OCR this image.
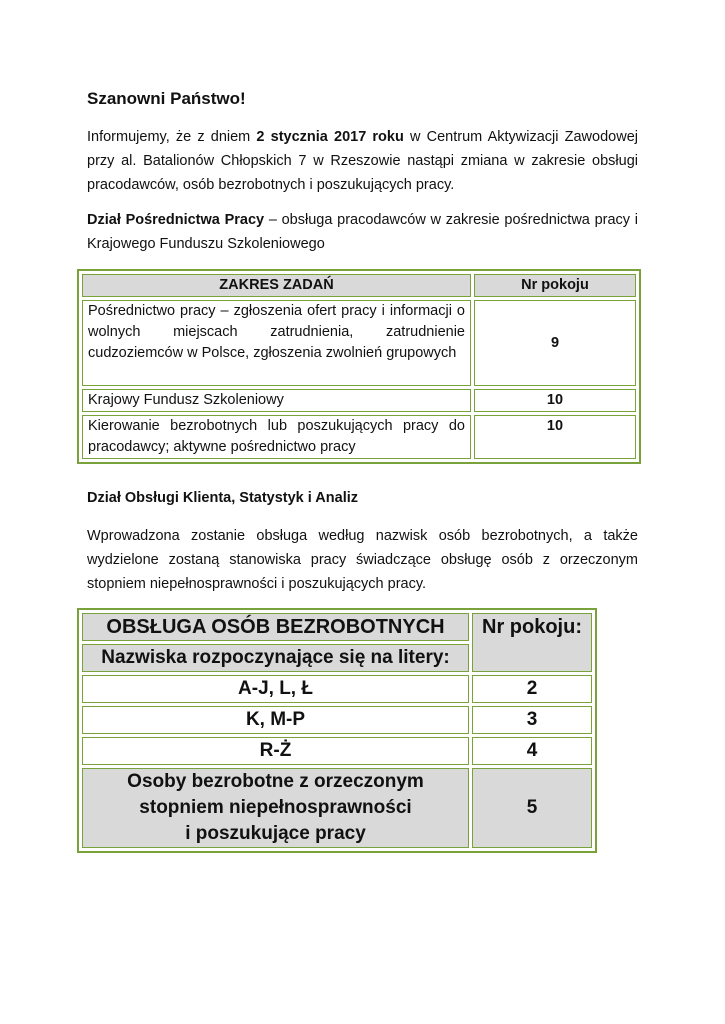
Szanowni Państwo!
Informujemy, że z dniem 2 stycznia 2017 roku w Centrum Aktywizacji Zawodowej przy al. Batalionów Chłopskich 7 w Rzeszowie nastąpi zmiana w zakresie obsługi pracodawców, osób bezrobotnych i poszukujących pracy.
Dział Pośrednictwa Pracy – obsługa pracodawców w zakresie pośrednictwa pracy i Krajowego Funduszu Szkoleniowego
ZAKRES ZADAŃ	Nr pokoju
Pośrednictwo pracy – zgłoszenia ofert pracy i informacji o wolnych miejscach zatrudnienia, zatrudnienie cudzoziemców w Polsce, zgłoszenia zwolnień grupowych	9
Krajowy Fundusz Szkoleniowy	10
Kierowanie bezrobotnych lub poszukujących pracy do pracodawcy; aktywne pośrednictwo pracy	10
Dział Obsługi Klienta, Statystyk i Analiz
Wprowadzona zostanie obsługa według nazwisk osób bezrobotnych, a także wydzielone zostaną stanowiska pracy świadczące obsługę osób z orzeczonym stopniem niepełnosprawności i poszukujących pracy.
OBSŁUGA OSÓB BEZROBOTNYCH	Nr pokoju:
Nazwiska rozpoczynające się na litery:	
A-J, L, Ł	2
K, M-P	3
R-Ż	4

Osoby bezrobotne z orzeczonym
stopniem niepełnosprawności
i poszukujące pracy	5
